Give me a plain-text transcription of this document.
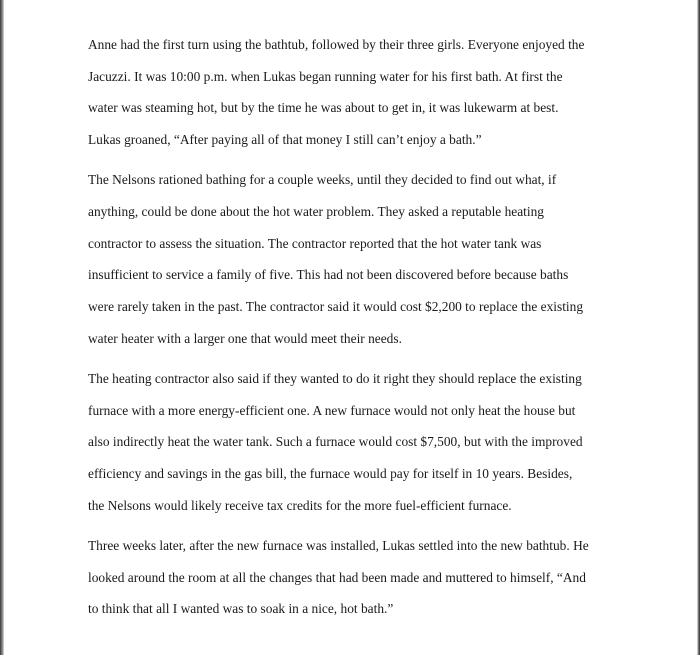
Anne had the first turn using the bathtub, followed by their three girls. Everyone enjoyed the
Jacuzzi. It was 10:00 p.m. when Lukas began running water for his first bath. At first the
water was steaming hot, but by the time he was about to get in, it was lukewarm at best.
Lukas groaned, “After paying all of that money I still can’t enjoy a bath.”
The Nelsons rationed bathing for a couple weeks, until they decided to find out what, if
anything, could be done about the hot water problem. They asked a reputable heating
contractor to assess the situation. The contractor reported that the hot water tank was
insufficient to service a family of five. This had not been discovered before because baths
were rarely taken in the past. The contractor said it would cost $2,200 to replace the existing
water heater with a larger one that would meet their needs.
The heating contractor also said if they wanted to do it right they should replace the existing
furnace with a more energy-efficient one. A new furnace would not only heat the house but
also indirectly heat the water tank. Such a furnace would cost $7,500, but with the improved
efficiency and savings in the gas bill, the furnace would pay for itself in 10 years. Besides,
the Nelsons would likely receive tax credits for the more fuel-efficient furnace.
Three weeks later, after the new furnace was installed, Lukas settled into the new bathtub. He
looked around the room at all the changes that had been made and muttered to himself, “And
to think that all I wanted was to soak in a nice, hot bath.”
